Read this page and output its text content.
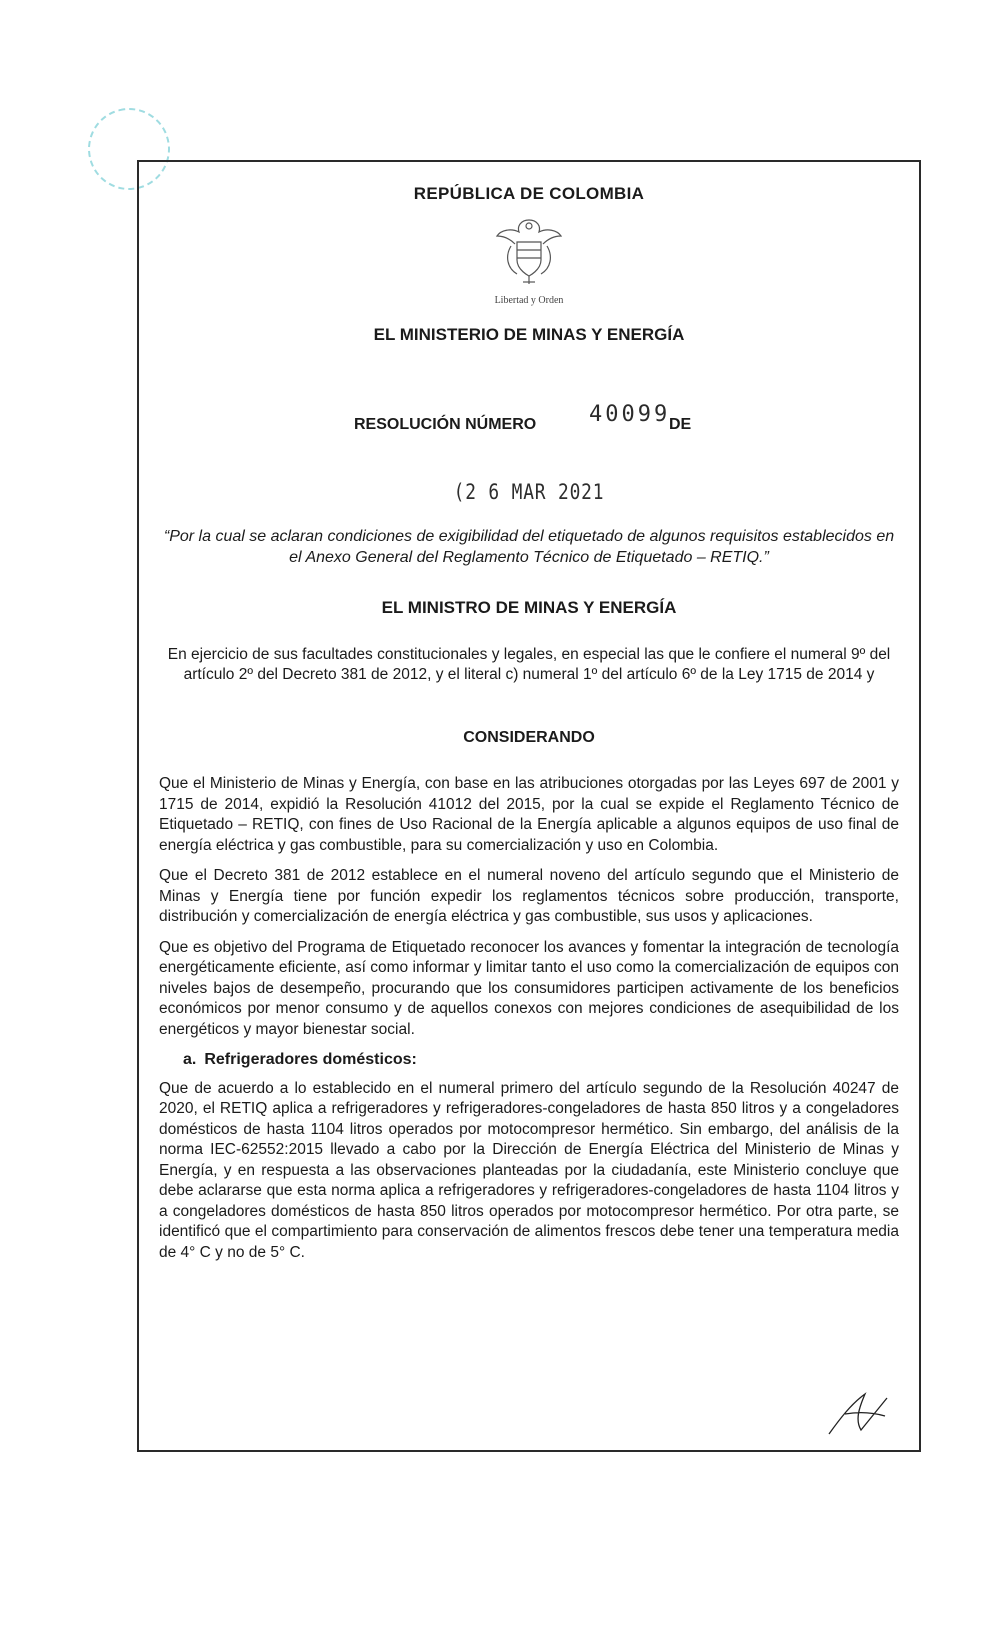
REPÚBLICA DE COLOMBIA
Libertad y Orden
EL MINISTERIO DE MINAS Y ENERGÍA
RESOLUCIÓN NÚMERO 40099
DE
(2 6 MAR 2021
“Por la cual se aclaran condiciones de exigibilidad del etiquetado de algunos requisitos establecidos en el Anexo General del Reglamento Técnico de Etiquetado – RETIQ.”
EL MINISTRO DE MINAS Y ENERGÍA
En ejercicio de sus facultades constitucionales y legales, en especial las que le confiere el numeral 9º del artículo 2º del Decreto 381 de 2012, y el literal c) numeral 1º del artículo 6º de la Ley 1715 de 2014 y
CONSIDERANDO

Que el Ministerio de Minas y Energía, con base en las atribuciones otorgadas por las Leyes 697 de 2001 y 1715 de 2014, expidió la Resolución 41012 del 2015, por la cual se expide el Reglamento Técnico de Etiquetado – RETIQ, con fines de Uso Racional de la Energía aplicable a algunos equipos de uso final de energía eléctrica y gas combustible, para su comercialización y uso en Colombia.

Que el Decreto 381 de 2012 establece en el numeral noveno del artículo segundo que el Ministerio de Minas y Energía tiene por función expedir los reglamentos técnicos sobre producción, transporte, distribución y comercialización de energía eléctrica y gas combustible, sus usos y aplicaciones.

Que es objetivo del Programa de Etiquetado reconocer los avances y fomentar la integración de tecnología energéticamente eficiente, así como informar y limitar tanto el uso como la comercialización de equipos con niveles bajos de desempeño, procurando que los consumidores participen activamente de los beneficios económicos por menor consumo y de aquellos conexos con mejores condiciones de asequibilidad de los energéticos y mayor bienestar social.

a. Refrigeradores domésticos:

Que de acuerdo a lo establecido en el numeral primero del artículo segundo de la Resolución 40247 de 2020, el RETIQ aplica a refrigeradores y refrigeradores-congeladores de hasta 850 litros y a congeladores domésticos de hasta 1104 litros operados por motocompresor hermético. Sin embargo, del análisis de la norma IEC-62552:2015 llevado a cabo por la Dirección de Energía Eléctrica del Ministerio de Minas y Energía, y en respuesta a las observaciones planteadas por la ciudadanía, este Ministerio concluye que debe aclararse que esta norma aplica a refrigeradores y refrigeradores-congeladores de hasta 1104 litros y a congeladores domésticos de hasta 850 litros operados por motocompresor hermético. Por otra parte, se identificó que el compartimiento para conservación de alimentos frescos debe tener una temperatura media de 4° C y no de 5° C.
